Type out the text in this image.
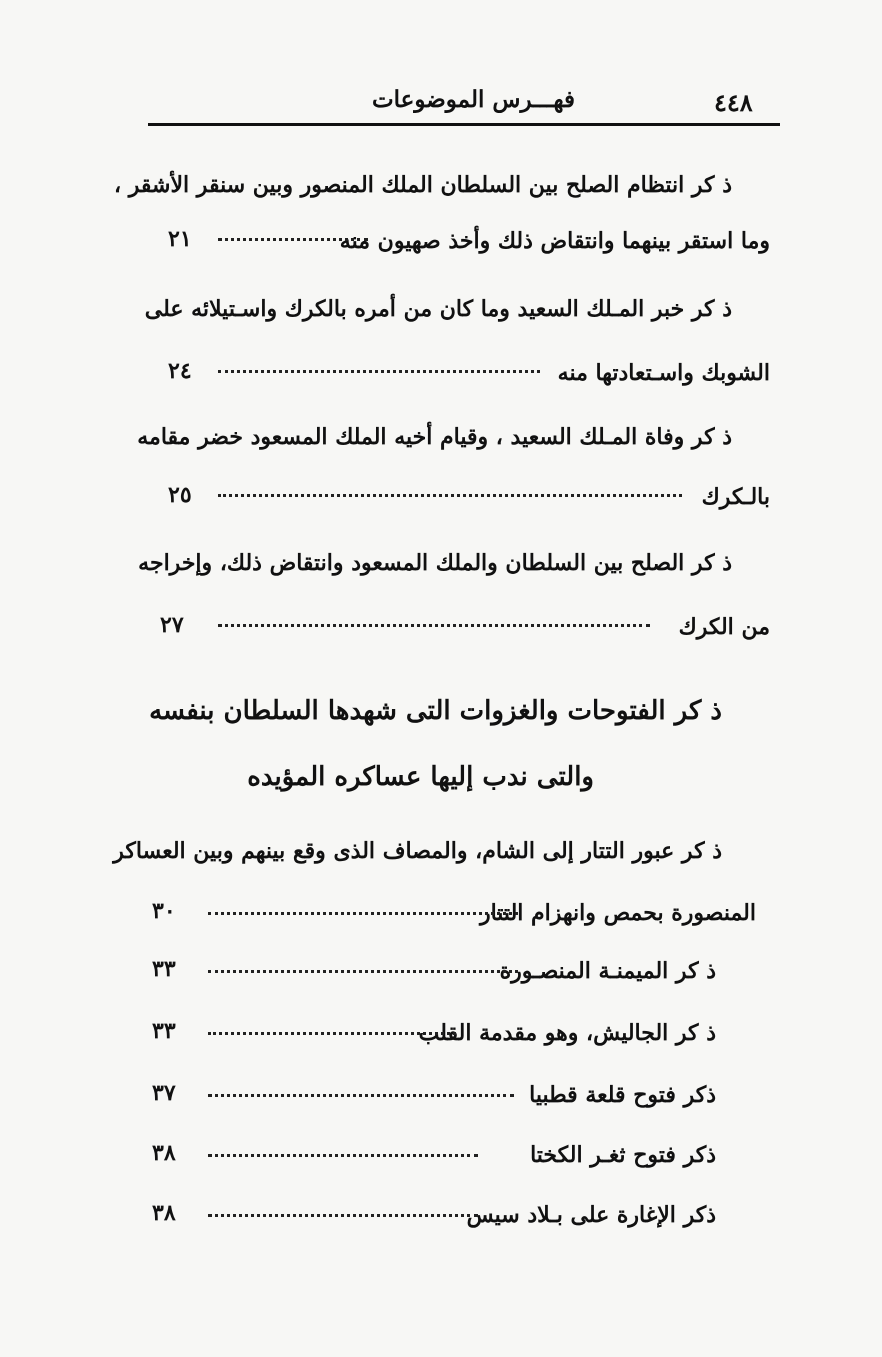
٤٤٨
فهـــرس الموضوعات
ذ كر انتظام الصلح بين السلطان الملك المنصور وبين سنقر الأشقر ،
وما استقر بينهما وانتقاض ذلك وأخذ صهيون منه
٢١
ذ كر خبر المـلك السعيد وما كان من أمره بالكرك واسـتيلائه على
الشوبك واسـتعادتها منه
٢٤
ذ كر وفاة المـلك السعيد ، وقيام أخيه الملك المسعود خضر مقامه
بالـكرك
٢٥
ذ كر الصلح بين السلطان والملك المسعود وانتقاض ذلك، وإخراجه
من الكرك
٢٧
ذ كر الفتوحات والغزوات التى شهدها السلطان بنفسه
والتى ندب إليها عساكره المؤيده
ذ كر عبور التتار إلى الشام، والمصاف الذى وقع بينهم وبين العساكر
المنصورة بحمص وانهزام التتار
٣٠
ذ كر الميمنـة المنصـورة
٣٣
ذ كر الجاليش، وهو مقدمة القلب
٣٣
ذكر فتوح قلعة قطبيا
٣٧
ذكر فتوح ثغـر الكختا
٣٨
ذكر الإغارة على بـلاد سيس
٣٨
